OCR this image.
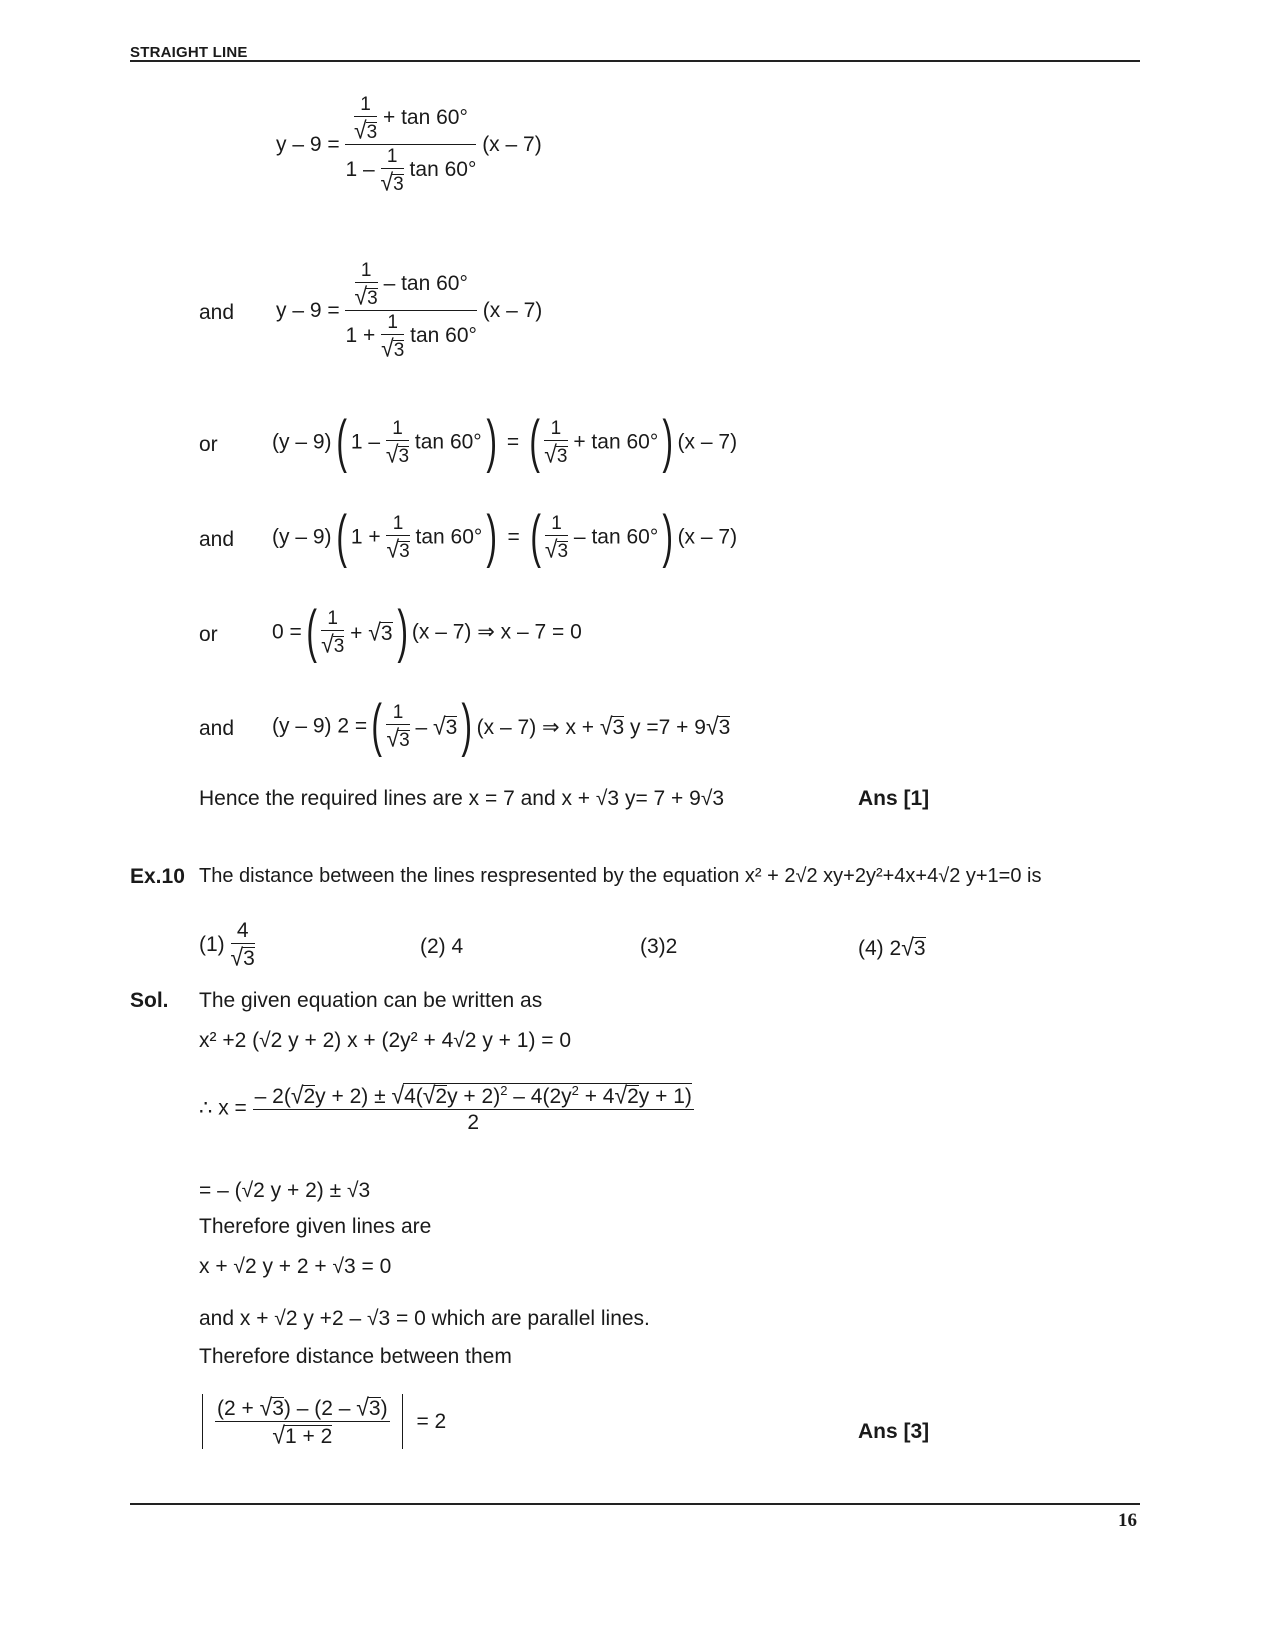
STRAIGHT LINE
$y - 9 = \frac{\frac{1}{√3} + \tan 60^\circ}{1 - \frac{1}{√3} \tan 60^\circ} (x - 7)$
and $y - 9 = \frac{\frac{1}{√3} - \tan 60^\circ}{1 + \frac{1}{√3} \tan 60^\circ} (x - 7)$
or	(y – 9)( $1 - \frac{1}{√3}$ tan 60°) = ( $\frac{1}{√3} + \tan 60^\circ$) (x – 7)
and (y – 9)( $1 + \frac{1}{√3}$ tan 60°) = ( $\frac{1}{√3}$ – tan 60°) (x – 7)
or	0 =( $\frac{1}{√3} + √3$) (x – 7) ⇒ x – 7 = 0
and (y – 9) 2 =( $\frac{1}{√3} - √3$) (x – 7) ⇒ x + √3 y =7 + 9√3
Hence the required lines are x = 7 and x + √3 y= 7 + 9√3	Ans [1]
Ex.10 The distance between the lines respresented by the equation x² + 2√2 xy+2y²+4x+4√2 y+1=0 is
$(1) \frac{4}{√3}$	(2) 4	(3)2	(4) 2√3
Sol. The given equation can be written as
x² +2 (√2 y + 2) x + (2y² + 4√2 y + 1) = 0
∴ $x = \frac{- 2(√2y + 2) \pm √4(√2y + 2)^2 - 4(2y^2 + 4√2y + 1)}{2}$
= – (√2 y + 2) ± √3
Therefore given lines are
x + √2 y + 2 + √3 = 0
and x + √2 y +2 – √3 = 0 which are parallel lines.
Therefore distance between them
$\frac{(2 + √3) - (2 - √3)}{√1 + 2} = 2$	Ans [3]
16
